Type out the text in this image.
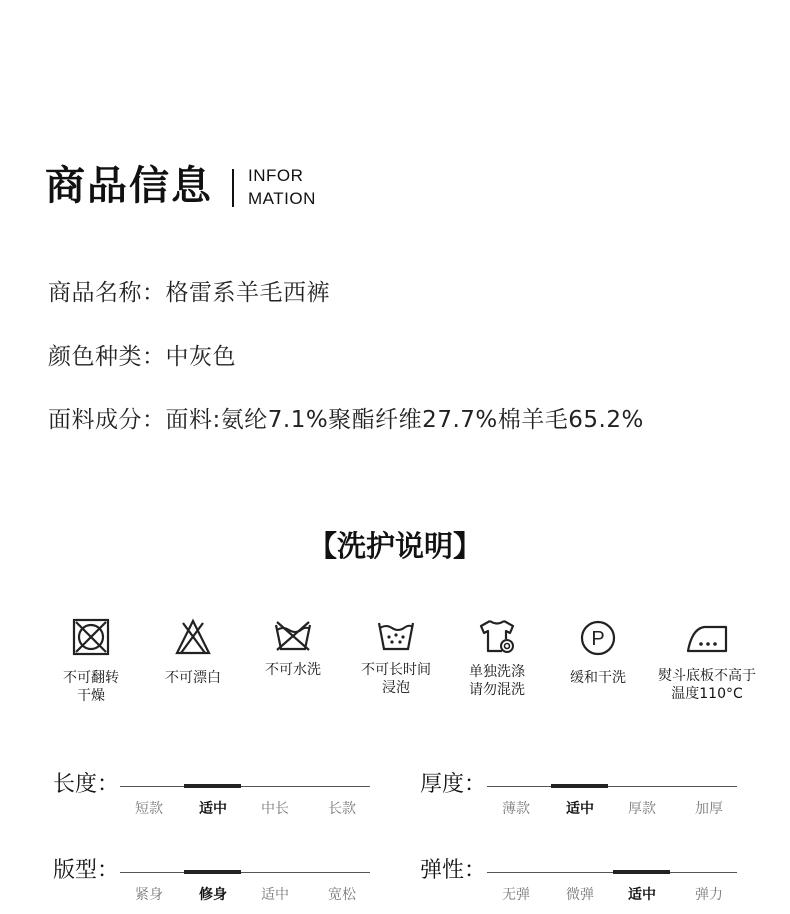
商品信息 INFOR
MATION
商品名称：格雷系羊毛西裤
颜色种类：中灰色
面料成分：面料:氨纶7.1%聚酯纤维27.7%棉羊毛65.2%
【洗护说明】
不可翻转
干燥
不可漂白	不可水洗	不可长时间
浸泡
单独洗涤
请勿混洗
P
缓和干洗	熨斗底板不高于
温度110°C
长度：
短款	适中	中长	长款
厚度：
薄款	适中	厚款	加厚
版型：
紧身	修身	适中	宽松
弹性：
无弹	微弹	适中	弹力
